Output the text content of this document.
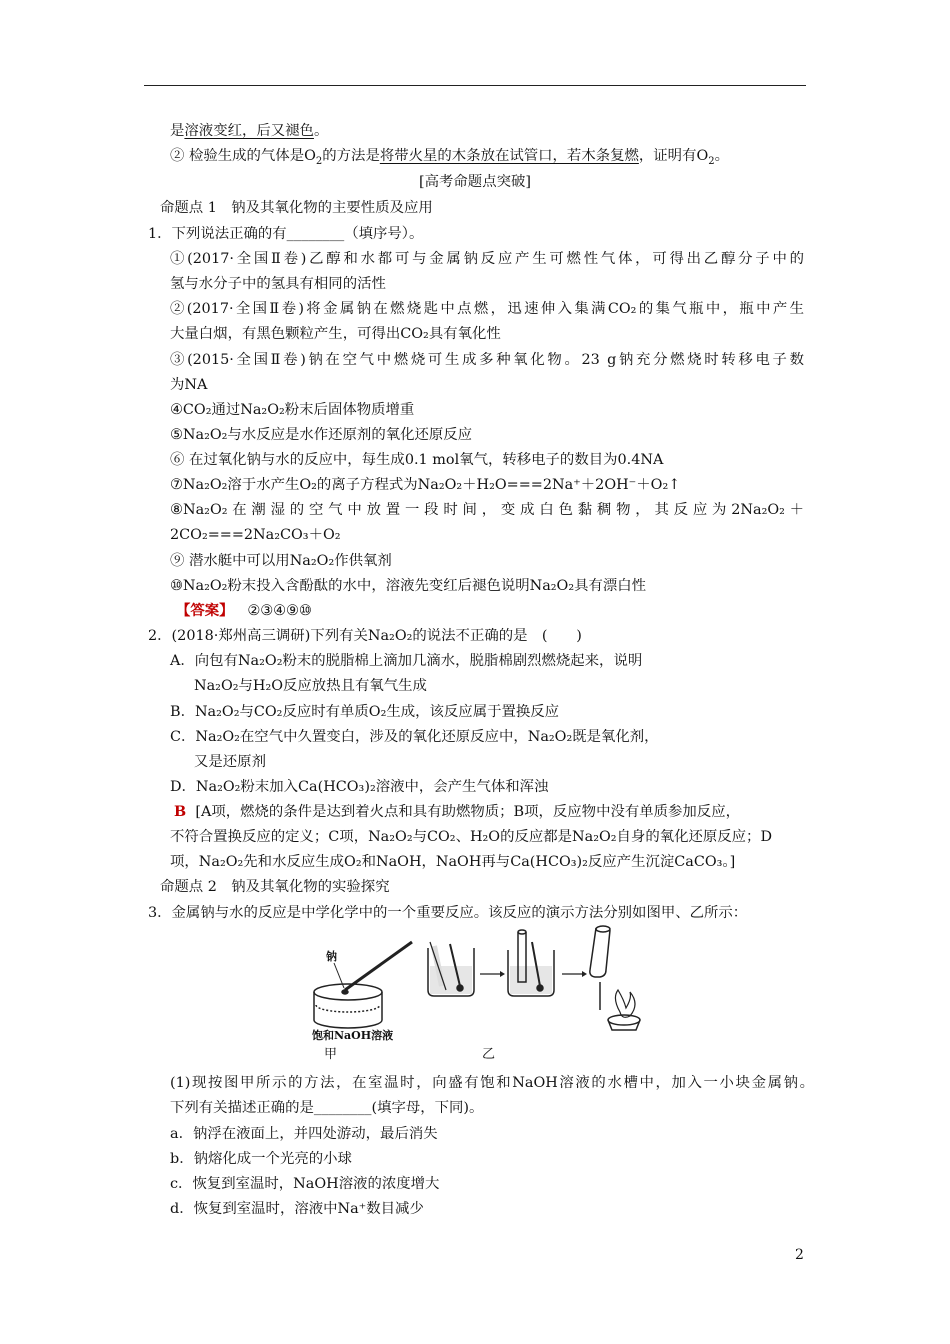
是溶液变红，后又褪色。
② 检验生成的气体是$O_2$的方法是将带火星的木条放在试管口，若木条复燃，证明有$O_2$。
[高考命题点突破]
命题点 1　钠及其氧化物的主要性质及应用
1．下列说法正确的有________（填序号）。
①(2017·全国Ⅱ卷)乙醇和水都可与金属钠反应产生可燃性气体，可得出乙醇分子中的
氢与水分子中的氢具有相同的活性
②(2017·全国Ⅱ卷)将金属钠在燃烧匙中点燃，迅速伸入集满CO₂的集气瓶中，瓶中产生
大量白烟，有黑色颗粒产生，可得出CO₂具有氧化性
③(2015·全国Ⅱ卷)钠在空气中燃烧可生成多种氧化物。23 g钠充分燃烧时转移电子数
为NA
④CO₂通过Na₂O₂粉末后固体物质增重
⑤Na₂O₂与水反应是水作还原剂的氧化还原反应
⑥ 在过氧化钠与水的反应中，每生成0.1 mol氧气，转移电子的数目为0.4NA
⑦Na₂O₂溶于水产生O₂的离子方程式为Na₂O₂＋H₂O===2Na⁺＋2OH⁻＋O₂↑
⑧Na₂O₂ 在 潮 湿 的 空 气 中 放 置 一 段 时 间 ， 变 成 白 色 黏 稠 物 ， 其 反 应 为 2Na₂O₂ ＋
2CO₂===2Na₂CO₃＋O₂
⑨ 潜水艇中可以用Na₂O₂作供氧剂
⑩Na₂O₂粉末投入含酚酞的水中，溶液先变红后褪色说明Na₂O₂具有漂白性
【答案】 ②③④⑨⑩
2．(2018·郑州高三调研)下列有关Na₂O₂的说法不正确的是　(　　)
A．向包有Na₂O₂粉末的脱脂棉上滴加几滴水，脱脂棉剧烈燃烧起来，说明
Na₂O₂与H₂O反应放热且有氧气生成
B．Na₂O₂与CO₂反应时有单质O₂生成，该反应属于置换反应
C．Na₂O₂在空气中久置变白，涉及的氧化还原反应中，Na₂O₂既是氧化剂，
又是还原剂
D．Na₂O₂粉末加入Ca(HCO₃)₂溶液中，会产生气体和浑浊
B [A项，燃烧的条件是达到着火点和具有助燃物质；B项，反应物中没有单质参加反应，
不符合置换反应的定义；C项，Na₂O₂与CO₂、H₂O的反应都是Na₂O₂自身的氧化还原反应；D
项，Na₂O₂先和水反应生成O₂和NaOH，NaOH再与Ca(HCO₃)₂反应产生沉淀CaCO₃。]
命题点 2　钠及其氧化物的实验探究
3．金属钠与水的反应是中学化学中的一个重要反应。该反应的演示方法分别如图甲、乙所示：
钠
饱和NaOH溶液
甲	乙
(1)现按图甲所示的方法，在室温时，向盛有饱和NaOH溶液的水槽中，加入一小块金属钠。
下列有关描述正确的是________(填字母，下同)。
a．钠浮在液面上，并四处游动，最后消失
b．钠熔化成一个光亮的小球
c．恢复到室温时，NaOH溶液的浓度增大
d．恢复到室温时，溶液中Na⁺数目减少
2
